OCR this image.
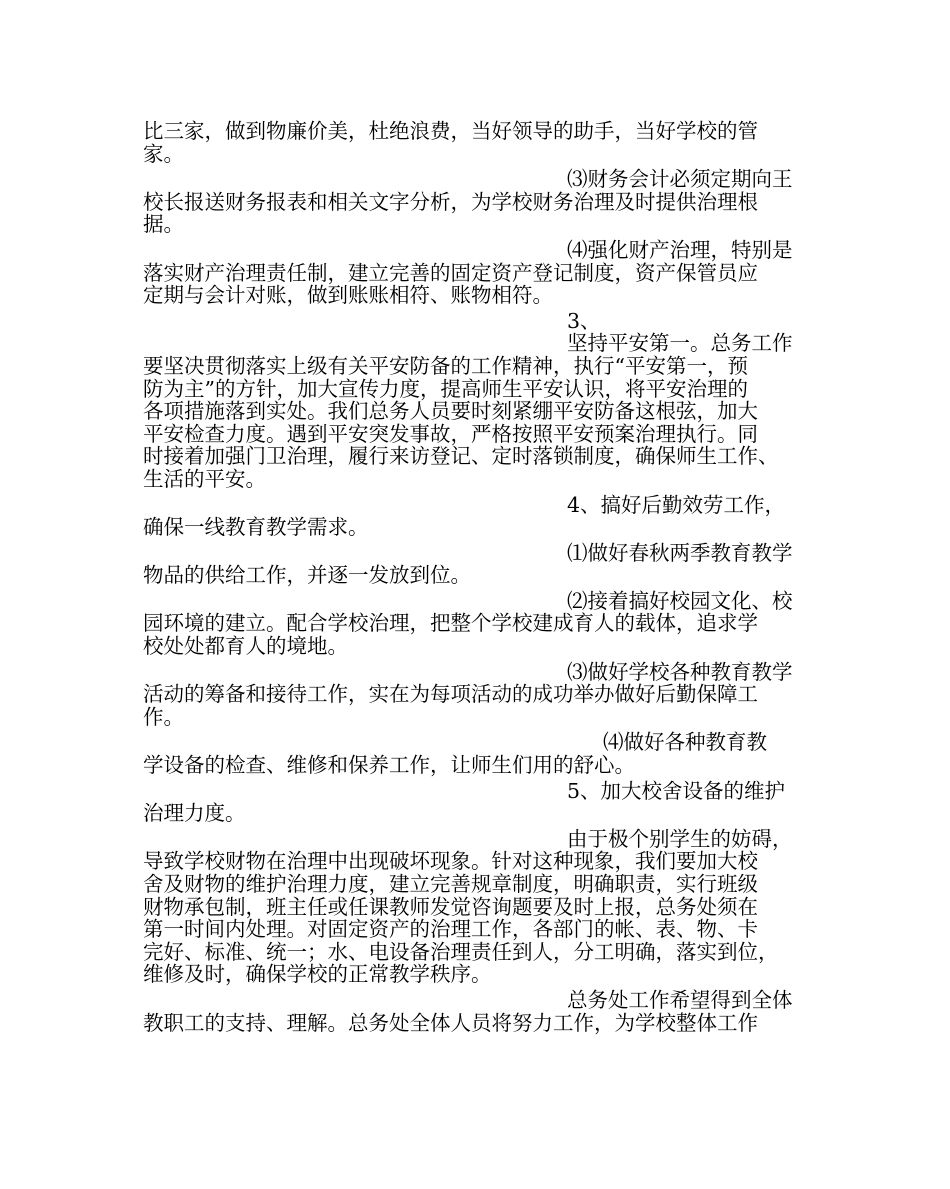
比三家，做到物廉价美，杜绝浪费，当好领导的助手，当好学校的管
家。
⑶财务会计必须定期向王
校长报送财务报表和相关文字分析，为学校财务治理及时提供治理根
据。
⑷强化财产治理，特别是
落实财产治理责任制，建立完善的固定资产登记制度，资产保管员应
定期与会计对账，做到账账相符、账物相符。
3、
坚持平安第一。总务工作
要坚决贯彻落实上级有关平安防备的工作精神，执行“平安第一，预
防为主”的方针，加大宣传力度，提高师生平安认识，将平安治理的
各项措施落到实处。我们总务人员要时刻紧绷平安防备这根弦，加大
平安检查力度。遇到平安突发事故，严格按照平安预案治理执行。同
时接着加强门卫治理，履行来访登记、定时落锁制度，确保师生工作、
生活的平安。
4、搞好后勤效劳工作，
确保一线教育教学需求。
⑴做好春秋两季教育教学
物品的供给工作，并逐一发放到位。
⑵接着搞好校园文化、校
园环境的建立。配合学校治理，把整个学校建成育人的载体，追求学
校处处都育人的境地。
⑶做好学校各种教育教学
活动的筹备和接待工作，实在为每项活动的成功举办做好后勤保障工
作。
⑷做好各种教育教
学设备的检查、维修和保养工作，让师生们用的舒心。
5、加大校舍设备的维护
治理力度。
由于极个别学生的妨碍，
导致学校财物在治理中出现破坏现象。针对这种现象，我们要加大校
舍及财物的维护治理力度，建立完善规章制度，明确职责，实行班级
财物承包制，班主任或任课教师发觉咨询题要及时上报，总务处须在
第一时间内处理。对固定资产的治理工作，各部门的帐、表、物、卡
完好、标准、统一；水、电设备治理责任到人，分工明确，落实到位，
维修及时，确保学校的正常教学秩序。
总务处工作希望得到全体
教职工的支持、理解。总务处全体人员将努力工作，为学校整体工作
